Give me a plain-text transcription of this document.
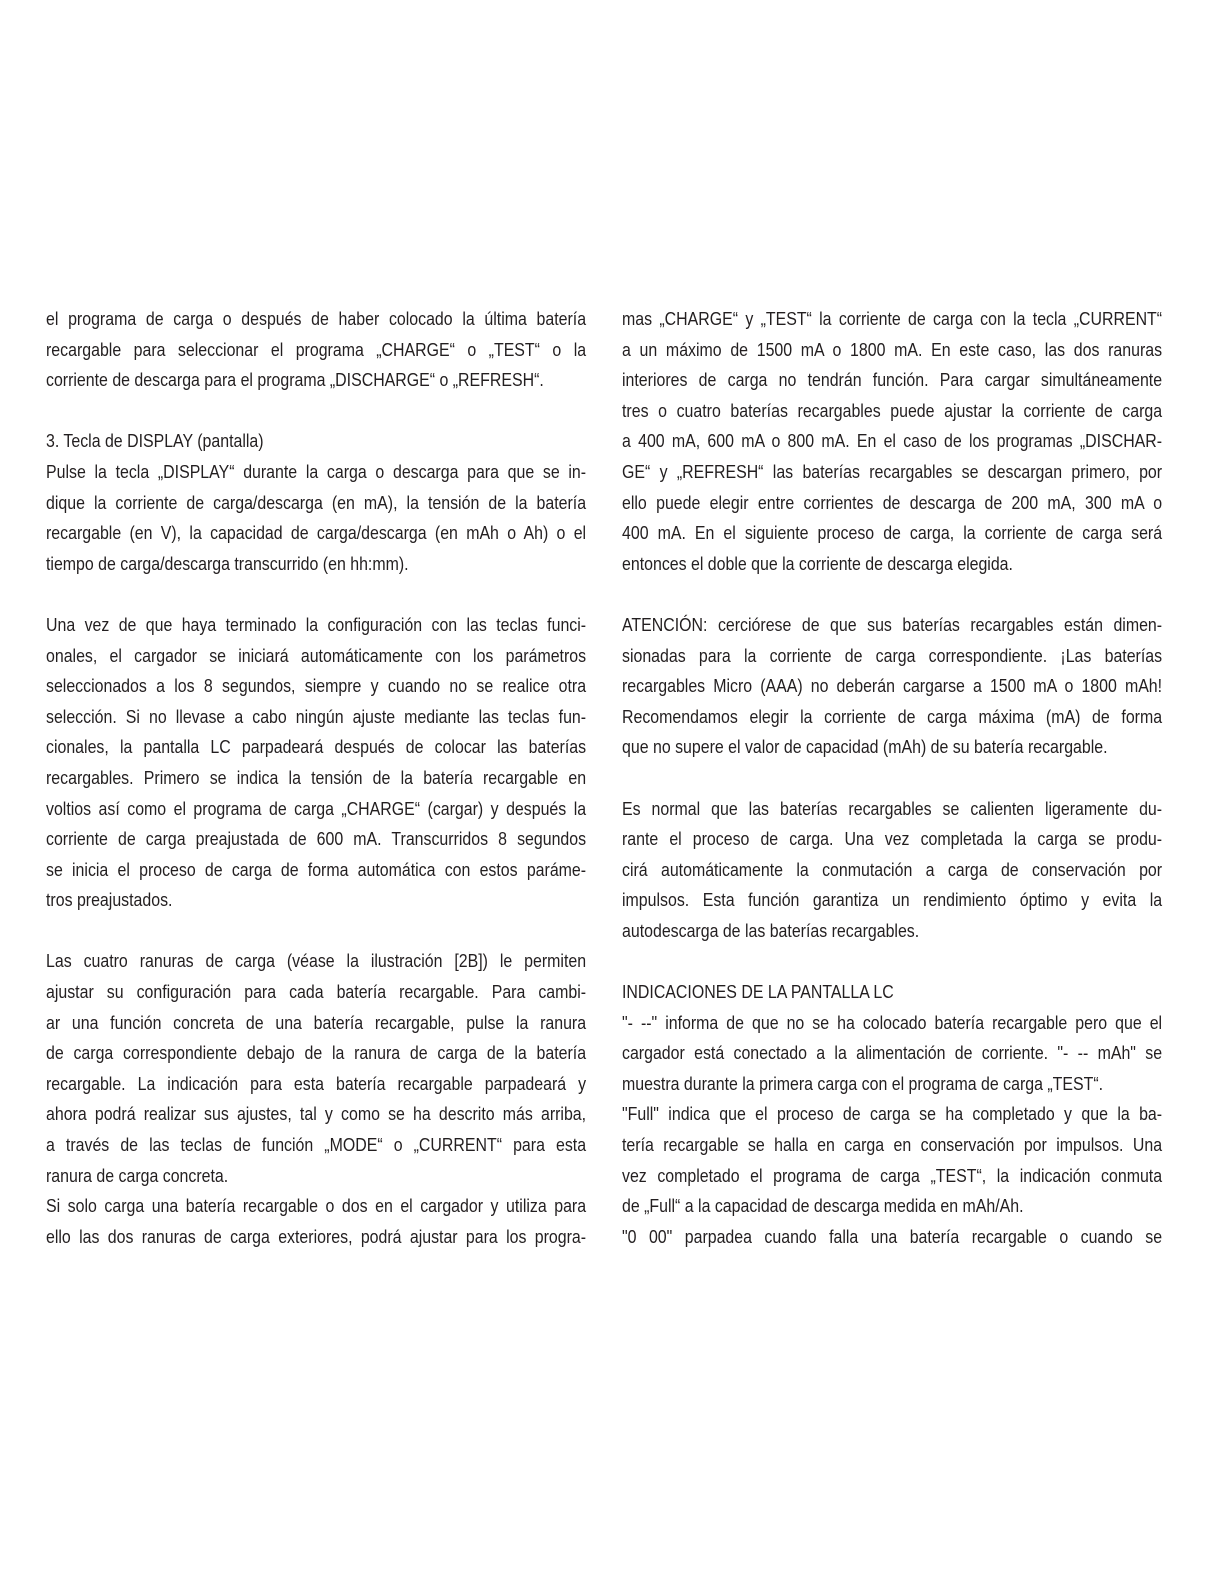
el programa de carga o después de haber colocado la última batería
recargable para seleccionar el programa „CHARGE“ o „TEST“ o la
corriente de descarga para el programa „DISCHARGE“ o „REFRESH“.
3. Tecla de DISPLAY (pantalla)
Pulse la tecla „DISPLAY“ durante la carga o descarga para que se in-
dique la corriente de carga/descarga (en mA), la tensión de la batería
recargable (en V), la capacidad de carga/descarga (en mAh o Ah) o el
tiempo de carga/descarga transcurrido (en hh:mm).
Una vez de que haya terminado la configuración con las teclas funci-
onales, el cargador se iniciará automáticamente con los parámetros
seleccionados a los 8 segundos, siempre y cuando no se realice otra
selección. Si no llevase a cabo ningún ajuste mediante las teclas fun-
cionales, la pantalla LC parpadeará después de colocar las baterías
recargables. Primero se indica la tensión de la batería recargable en
voltios así como el programa de carga „CHARGE“ (cargar) y después la
corriente de carga preajustada de 600 mA. Transcurridos 8 segundos
se inicia el proceso de carga de forma automática con estos paráme-
tros preajustados.
Las cuatro ranuras de carga (véase la ilustración [2B]) le permiten
ajustar su configuración para cada batería recargable. Para cambi-
ar una función concreta de una batería recargable, pulse la ranura
de carga correspondiente debajo de la ranura de carga de la batería
recargable. La indicación para esta batería recargable parpadeará y
ahora podrá realizar sus ajustes, tal y como se ha descrito más arriba,
a través de las teclas de función „MODE“ o „CURRENT“ para esta
ranura de carga concreta.
Si solo carga una batería recargable o dos en el cargador y utiliza para
ello las dos ranuras de carga exteriores, podrá ajustar para los progra-
mas „CHARGE“ y „TEST“ la corriente de carga con la tecla „CURRENT“
a un máximo de 1500 mA o 1800 mA. En este caso, las dos ranuras
interiores de carga no tendrán función. Para cargar simultáneamente
tres o cuatro baterías recargables puede ajustar la corriente de carga
a 400 mA, 600 mA o 800 mA. En el caso de los programas „DISCHAR-
GE“ y „REFRESH“ las baterías recargables se descargan primero, por
ello puede elegir entre corrientes de descarga de 200 mA, 300 mA o
400 mA. En el siguiente proceso de carga, la corriente de carga será
entonces el doble que la corriente de descarga elegida.
ATENCIÓN: cerciórese de que sus baterías recargables están dimen-
sionadas para la corriente de carga correspondiente. ¡Las baterías
recargables Micro (AAA) no deberán cargarse a 1500 mA o 1800 mAh!
Recomendamos elegir la corriente de carga máxima (mA) de forma
que no supere el valor de capacidad (mAh) de su batería recargable.
Es normal que las baterías recargables se calienten ligeramente du-
rante el proceso de carga. Una vez completada la carga se produ-
cirá automáticamente la conmutación a carga de conservación por
impulsos. Esta función garantiza un rendimiento óptimo y evita la
autodescarga de las baterías recargables.
INDICACIONES DE LA PANTALLA LC
"- --" informa de que no se ha colocado batería recargable pero que el
cargador está conectado a la alimentación de corriente. "- -- mAh" se
muestra durante la primera carga con el programa de carga „TEST“.
"Full" indica que el proceso de carga se ha completado y que la ba-
tería recargable se halla en carga en conservación por impulsos. Una
vez completado el programa de carga „TEST“, la indicación conmuta
de „Full“ a la capacidad de descarga medida en mAh/Ah.
"0 00" parpadea cuando falla una batería recargable o cuando se
